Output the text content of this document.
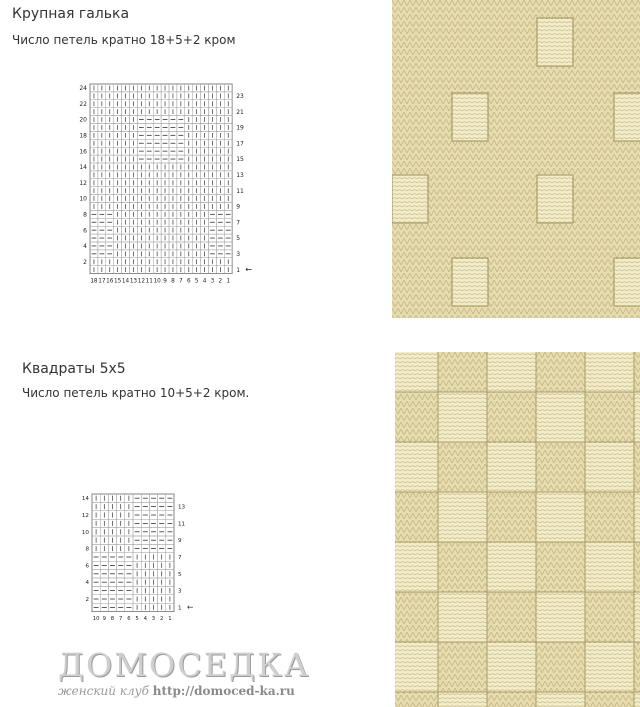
Крупная галька
Число петель кратно 18+5+2 кром
24
22
20
18
16
14
12
10
8
6
4
2
23
21
19
17
15
13
11
9
7
5
3
1
18 17 16 15 14 13 12 11 10 9 8 7 6 5 4 3 2 1
←
Квадраты 5х5
Число петель кратно 10+5+2 кром.
14
12
10
8
6
4
2
13
11
9
7
5
3
1
10 9 8 7 6 5 4 3 2 1
←
ДОМОСЕДКА
женский клуб http://domoced-ka.ru
